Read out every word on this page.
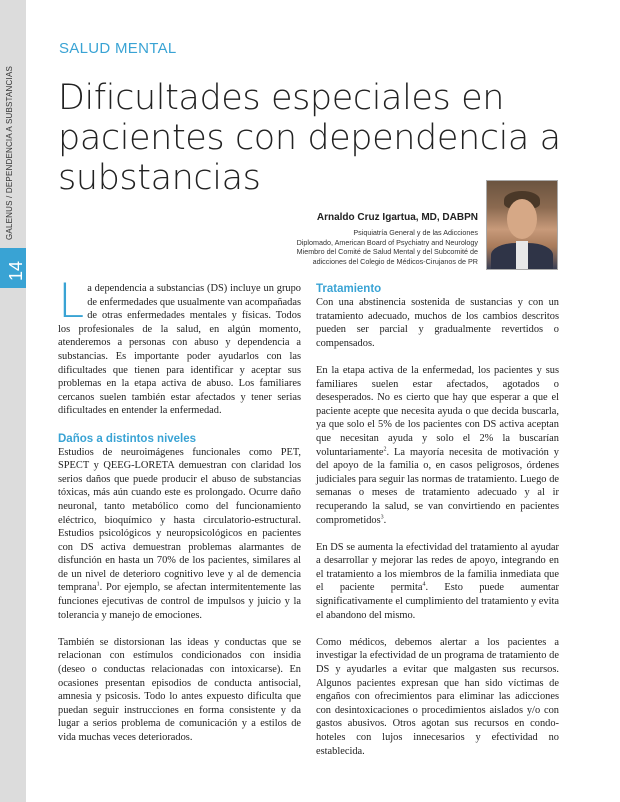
GALENUS / DEPENDENCIA A SUBSTANCIAS
14
SALUD MENTAL
Dificultades especiales en pacientes con dependencia a substancias
Arnaldo Cruz Igartua, MD, DABPN
Psiquiatría General y de las Adicciones
Diplomado, American Board of Psychiatry and Neurology
Miembro del Comité de Salud Mental y del Subcomité de
adicciones del Colegio de Médicos-Cirujanos de PR

La dependencia a substancias (DS) incluye un grupo de enfermedades que usualmente van acompañadas de otras enfermedades mentales y físicas. Todos los profesionales de la salud, en algún momento, atenderemos a personas con abuso y dependencia a substancias. Es importante poder ayudarlos con las dificultades que tienen para identificar y aceptar sus problemas en la etapa activa de abuso. Los familiares cercanos suelen también estar afectados y tener serias dificultades en entender la enfermedad.

Daños a distintos niveles

Estudios de neuroimágenes funcionales como PET, SPECT y QEEG-LORETA demuestran con claridad los serios daños que puede producir el abuso de substancias tóxicas, más aún cuando este es prolongado. Ocurre daño neuronal, tanto metabólico como del funcionamiento eléctrico, bioquímico y hasta circulatorio-estructural. Estudios psicológicos y neuropsicológicos en pacientes con DS activa demuestran problemas alarmantes de disfunción en hasta un 70% de los pacientes, similares al de un nivel de deterioro cognitivo leve y al de demencia temprana$^1$. Por ejemplo, se afectan intermitentemente las funciones ejecutivas de control de impulsos y juicio y la tolerancia y manejo de emociones.

También se distorsionan las ideas y conductas que se relacionan con estímulos condicionados con insidia (deseo o conductas relacionadas con intoxicarse). En ocasiones presentan episodios de conducta antisocial, amnesia y psicosis. Todo lo antes expuesto dificulta que puedan seguir instrucciones en forma consistente y da lugar a serios problema de comunicación y a estilos de vida muchas veces deteriorados.

Tratamiento

Con una abstinencia sostenida de sustancias y con un tratamiento adecuado, muchos de los cambios descritos pueden ser parcial y gradualmente revertidos o compensados.

En la etapa activa de la enfermedad, los pacientes y sus familiares suelen estar afectados, agotados o desesperados. No es cierto que hay que esperar a que el paciente acepte que necesita ayuda o que decida buscarla, ya que solo el 5% de los pacientes con DS activa aceptan que necesitan ayuda y solo el 2% la buscarían voluntariamente$^2$. La mayoría necesita de motivación y del apoyo de la familia o, en casos peligrosos, órdenes judiciales para seguir las normas de tratamiento. Luego de semanas o meses de tratamiento adecuado y al ir recuperando la salud, se van convirtiendo en pacientes comprometidos$^3$.

En DS se aumenta la efectividad del tratamiento al ayudar a desarrollar y mejorar las redes de apoyo, integrando en el tratamiento a los miembros de la familia inmediata que el paciente permita$^4$. Esto puede aumentar significativamente el cumplimiento del tratamiento y evita el abandono del mismo.

Como médicos, debemos alertar a los pacientes a investigar la efectividad de un programa de tratamiento de DS y ayudarles a evitar que malgasten sus recursos. Algunos pacientes expresan que han sido víctimas de engaños con ofrecimientos para eliminar las adicciones con desintoxicaciones o procedimientos aislados y/o con gastos abusivos. Otros agotan sus recursos en condo-hoteles con lujos innecesarios y efectividad no establecida.
